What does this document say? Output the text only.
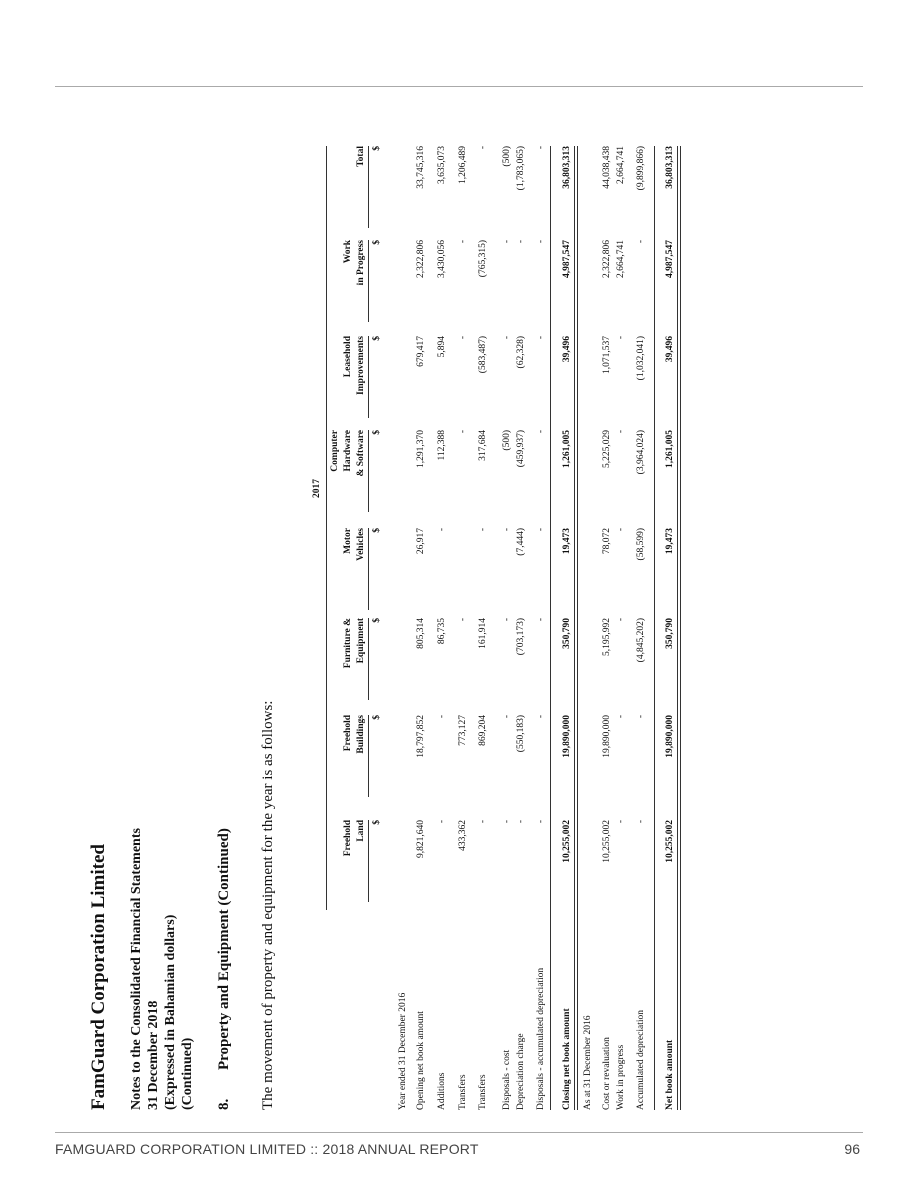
FamGuard Corporation Limited Notes to the Consolidated Financial Statements 31 December 2018 (Expressed in Bahamian dollars) (Continued) 8.Property and Equipment (Continued) The movement of property and equipment for the year is as follows:
2017
Freehold Land $
Freehold Buildings $
Furniture & Equipment $
Motor Vehicles $
Computer Hardware & Software $
Leasehold Improvements $
Work in Progress $
Total $
Year ended 31 December 2016 Opening net book amount
9,821,640
18,797,852
805,314
26,917
1,291,370
679,417
2,322,806
33,745,316
Additions
-
-
86,735
-
112,388
5,894
3,430,056
3,635,073
Transfers
433,362
773,127
-
-
-
-
1,206,489
Transfers
-
869,204
161,914
-
317,684
(583,487)
(765,315)
-
Disposals - cost
-
-
-
-
(500)
-
-
(500)
Depreciation charge
-
(550,183)
(703,173)
(7,444)
(459,937)
(62,328)
-
(1,783,065)
Disposals - accumulated depreciation
-
-
-
-
-
-
-
-
Closing net book amount
10,255,002
19,890,000
350,790
19,473
1,261,005
39,496
4,987,547
36,803,313
As at 31 December 2016 Cost or revaluation
10,255,002
19,890,000
5,195,992
78,072
5,225,029
1,071,537
2,322,806
44,038,438
Work in progress
-
-
-
-
-
-
2,664,741
2,664,741
Accumulated depreciation
-
-
(4,845,202)
(58,599)
(3,964,024)
(1,032,041)
-
(9,899,866)
Net book amount
10,255,002
19,890,000
350,790
19,473
1,261,005
39,496
4,987,547
36,803,313
FAMGUARD CORPORATION LIMITED :: 2018 ANNUAL REPORT	96
